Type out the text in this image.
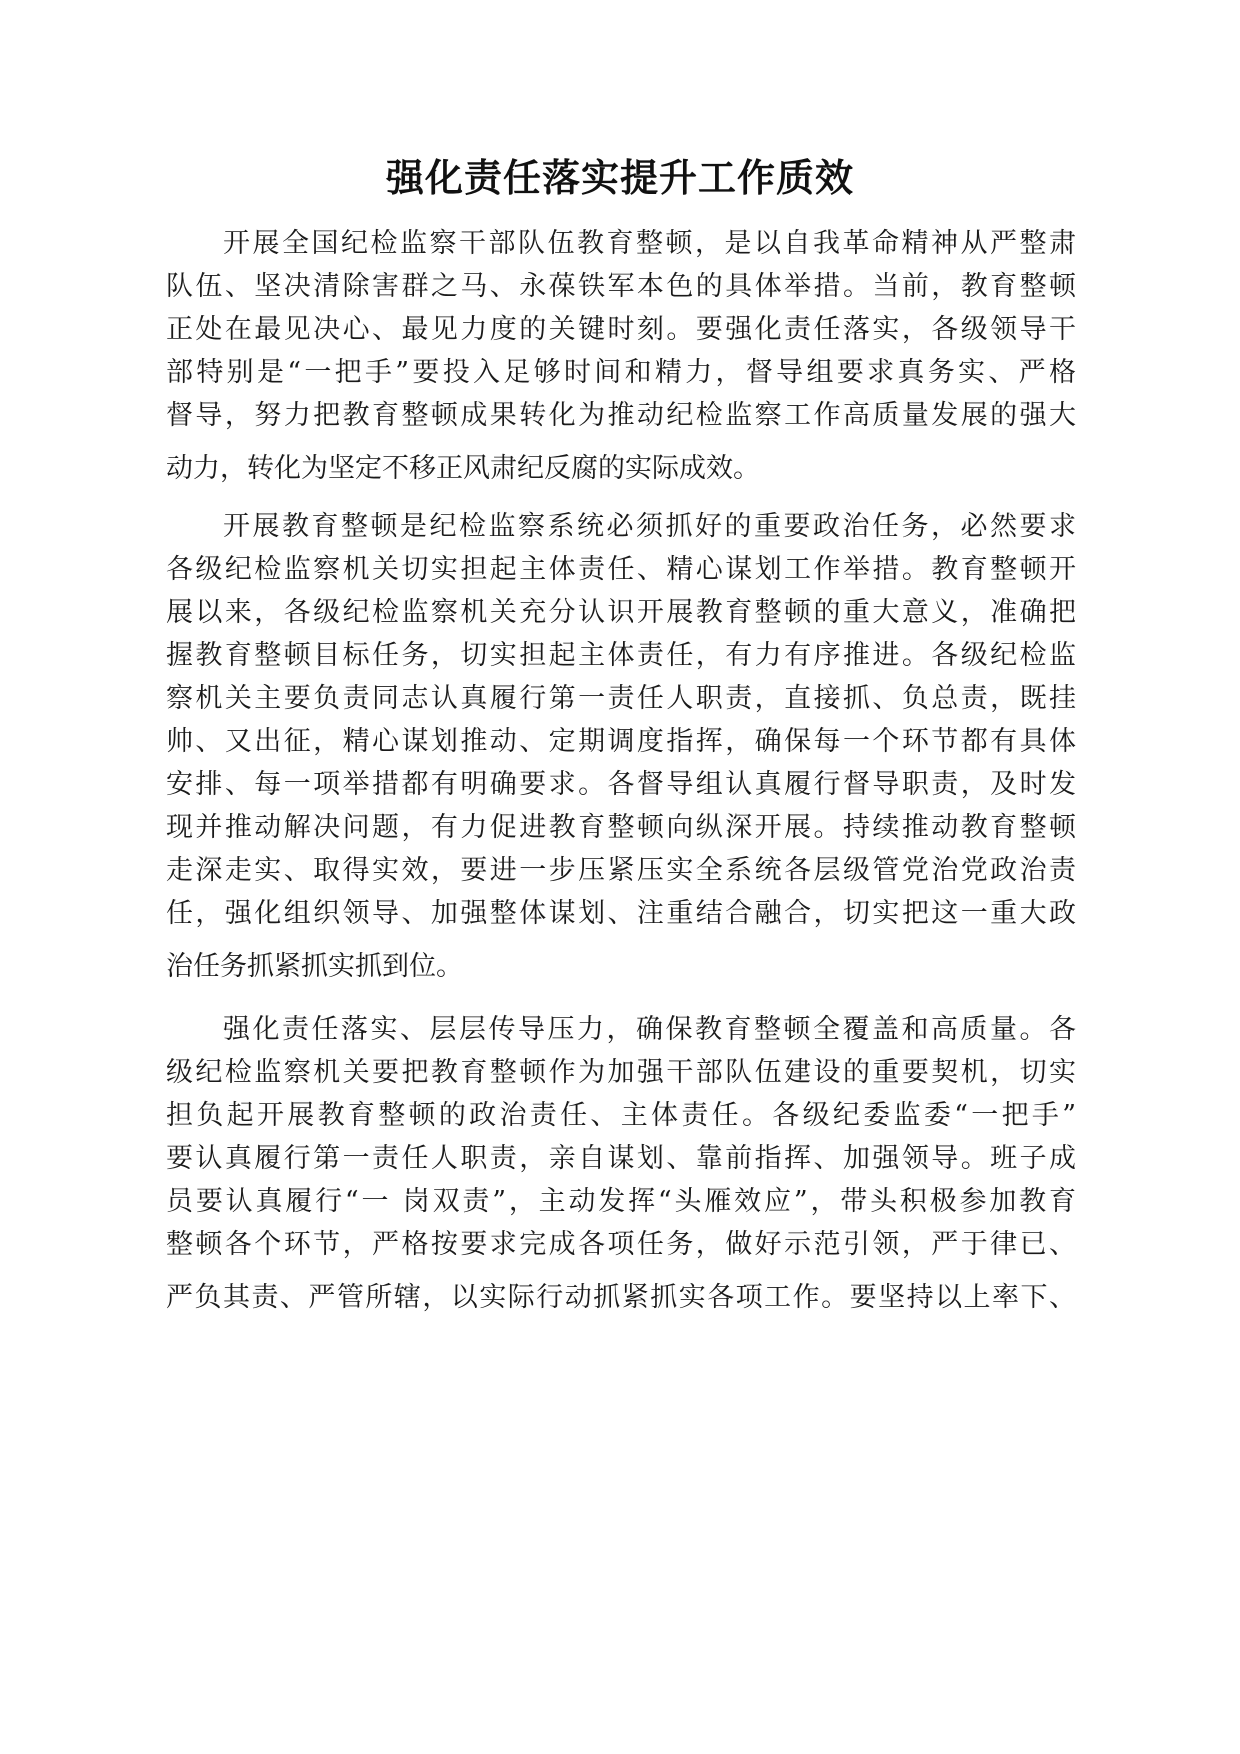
强化责任落实提升工作质效
开展全国纪检监察干部队伍教育整顿，是以自我革命精神从严整肃
队伍、坚决清除害群之马、永葆铁军本色的具体举措。当前，教育整顿
正处在最见决心、最见力度的关键时刻。要强化责任落实，各级领导干
部特别是“一把手”要投入足够时间和精力，督导组要求真务实、严格
督导，努力把教育整顿成果转化为推动纪检监察工作高质量发展的强大
动力，转化为坚定不移正风肃纪反腐的实际成效。
开展教育整顿是纪检监察系统必须抓好的重要政治任务，必然要求
各级纪检监察机关切实担起主体责任、精心谋划工作举措。教育整顿开
展以来，各级纪检监察机关充分认识开展教育整顿的重大意义，准确把
握教育整顿目标任务，切实担起主体责任，有力有序推进。各级纪检监
察机关主要负责同志认真履行第一责任人职责，直接抓、负总责，既挂
帅、又出征，精心谋划推动、定期调度指挥，确保每一个环节都有具体
安排、每一项举措都有明确要求。各督导组认真履行督导职责，及时发
现并推动解决问题，有力促进教育整顿向纵深开展。持续推动教育整顿
走深走实、取得实效，要进一步压紧压实全系统各层级管党治党政治责
任，强化组织领导、加强整体谋划、注重结合融合，切实把这一重大政
治任务抓紧抓实抓到位。
强化责任落实、层层传导压力，确保教育整顿全覆盖和高质量。各
级纪检监察机关要把教育整顿作为加强干部队伍建设的重要契机，切实
担负起开展教育整顿的政治责任、主体责任。各级纪委监委“一把手”
要认真履行第一责任人职责，亲自谋划、靠前指挥、加强领导。班子成
员要认真履行“一 岗双责”，主动发挥“头雁效应”，带头积极参加教育
整顿各个环节，严格按要求完成各项任务，做好示范引领，严于律已、
严负其责、严管所辖，以实际行动抓紧抓实各项工作。要坚持以上率下、
